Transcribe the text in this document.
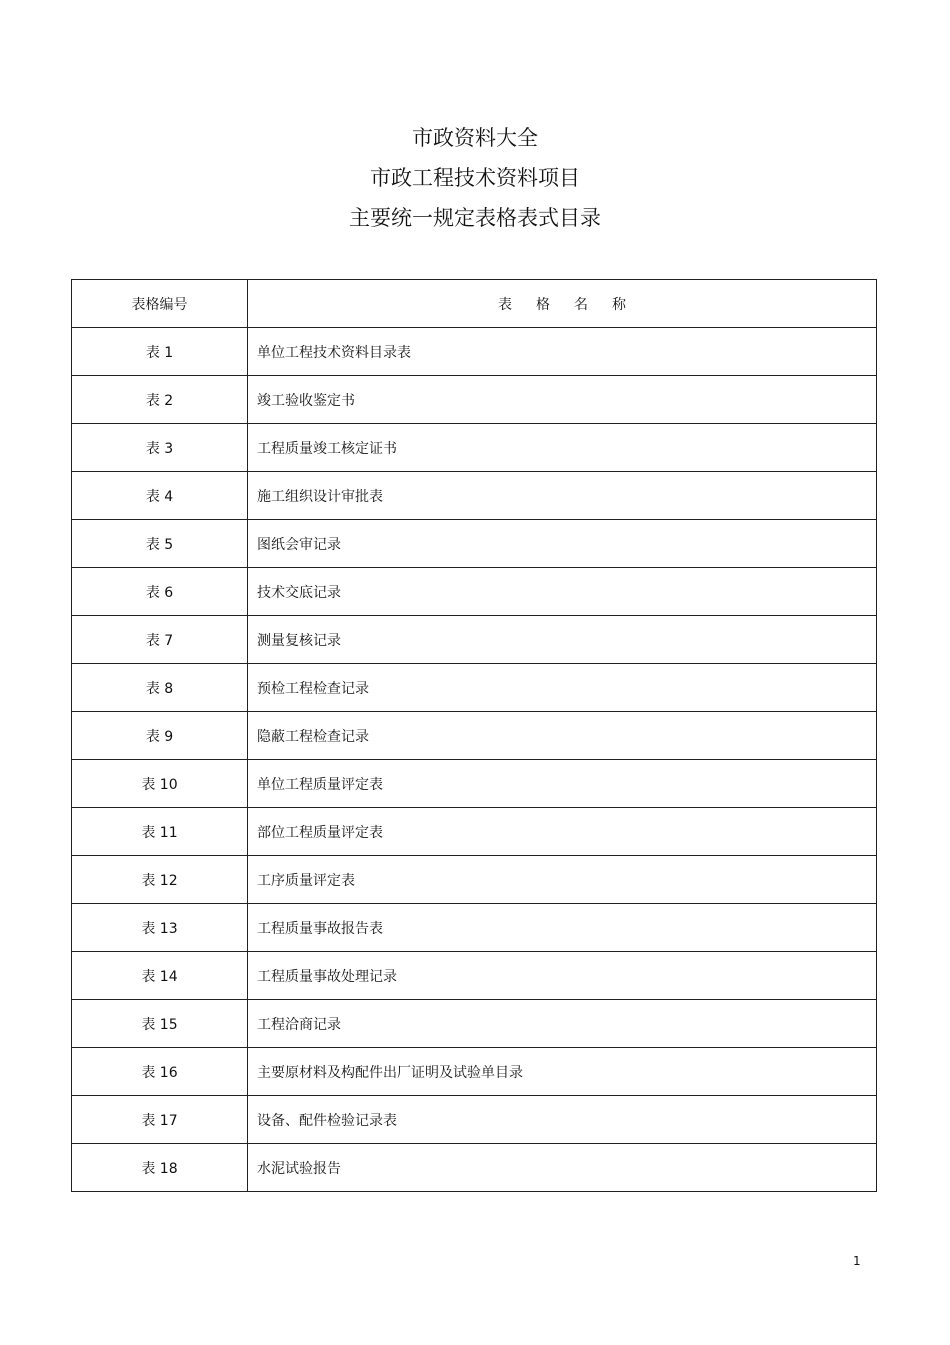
市政资料大全
市政工程技术资料项目
主要统一规定表格表式目录
表格编号	表格名称
表 1	单位工程技术资料目录表
表 2	竣工验收鉴定书
表 3	工程质量竣工核定证书
表 4	施工组织设计审批表
表 5	图纸会审记录
表 6	技术交底记录
表 7	测量复核记录
表 8	预检工程检查记录
表 9	隐蔽工程检查记录
表 10	单位工程质量评定表
表 11	部位工程质量评定表
表 12	工序质量评定表
表 13	工程质量事故报告表
表 14	工程质量事故处理记录
表 15	工程洽商记录
表 16	主要原材料及构配件出厂证明及试验单目录
表 17	设备、配件检验记录表
表 18	水泥试验报告
1
